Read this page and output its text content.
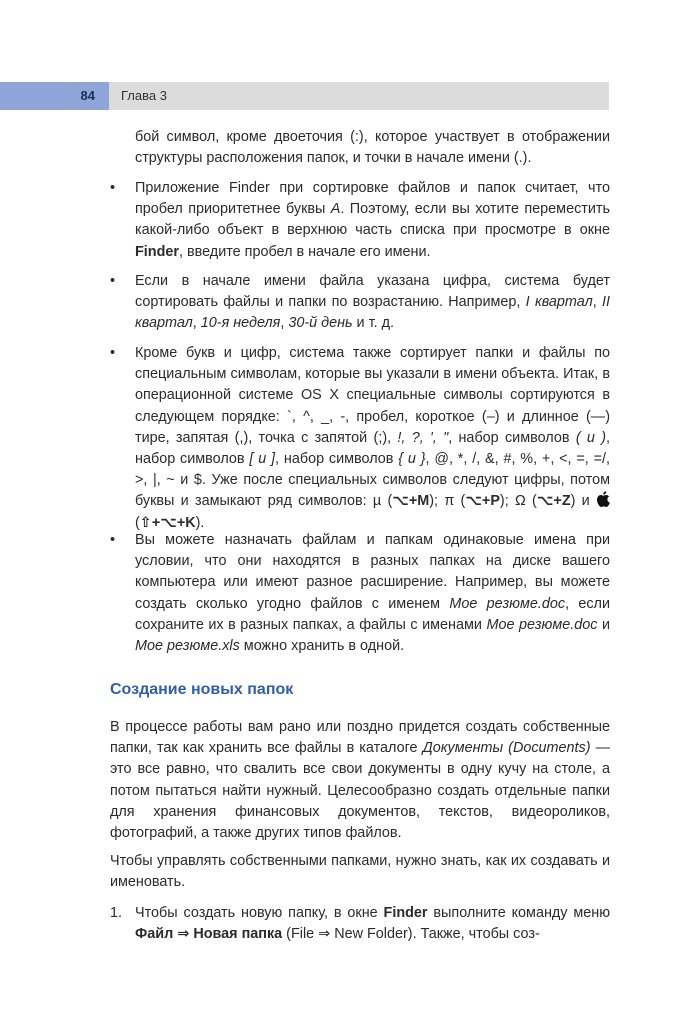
84 Глава 3

бой символ, кроме двоеточия (:), которое участвует в отображении структуры расположения папок, и точки в начале имени (.).

• Приложение Finder при сортировке файлов и папок считает, что пробел приоритетнее буквы А. Поэтому, если вы хотите переместить какой-либо объект в верхнюю часть списка при просмотре в окне Finder, введите пробел в начале его имени.

• Если в начале имени файла указана цифра, система будет сортировать файлы и папки по возрастанию. Например, I квартал, II квартал, 10-я неделя, 30-й день и т. д.

• Кроме букв и цифр, система также сортирует папки и файлы по специальным символам, которые вы указали в имени объекта. Итак, в операционной системе OS X специальные символы сортируются в следующем порядке: `, ^, _, -, пробел, короткое (–) и длинное (—) тире, запятая (,), точка с запятой (;), !, ?, ', ", набор символов ( и ), набор символов [ и ], набор символов { и }, @, *, /, &, #, %, +, <, =, =/, >, |, ~ и $. Уже после специальных символов следуют цифры, потом буквы и замыкают ряд символов: µ (⌥+M); π (⌥+P); Ω (⌥+Z) и  (⇧+⌥+K).

• Вы можете назначать файлам и папкам одинаковые имена при условии, что они находятся в разных папках на диске вашего компьютера или имеют разное расширение. Например, вы можете создать сколько угодно файлов с именем Мое резюме.doc, если сохраните их в разных папках, а файлы с именами Мое резюме.doc и Мое резюме.xls можно хранить в одной.

Создание новых папок

В процессе работы вам рано или поздно придется создать собственные папки, так как хранить все файлы в каталоге Документы (Documents) — это все равно, что свалить все свои документы в одну кучу на столе, а потом пытаться найти нужный. Целесообразно создать отдельные папки для хранения финансовых документов, текстов, видеороликов, фотографий, а также других типов файлов.

Чтобы управлять собственными папками, нужно знать, как их создавать и именовать.

1. Чтобы создать новую папку, в окне Finder выполните команду меню Файл ⇒ Новая папка (File ⇒ New Folder). Также, чтобы соз-
